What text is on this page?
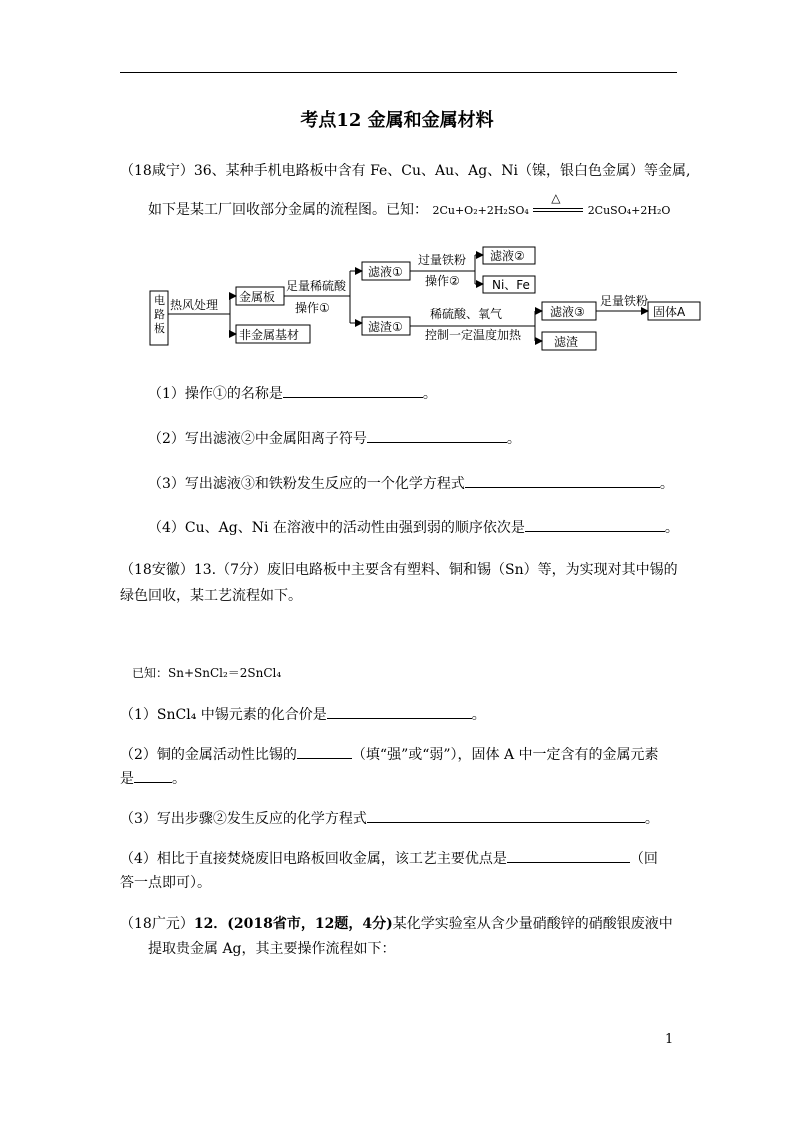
考点12 金属和金属材料
（18咸宁）36、某种手机电路板中含有 Fe、Cu、Au、Ag、Ni（镍，银白色金属）等金属,
如下是某工厂回收部分金属的流程图。已知： 2Cu+O₂+2H₂SO₄
△
2CuSO₄+2H₂O
电
路
板
热风处理
金属板
非金属基材
足量稀硫酸
操作①
滤液①
滤渣①
过量铁粉
操作②
滤液②
Ni、Fe
稀硫酸、氧气
控制一定温度加热
滤液③
滤渣
足量铁粉
固体A
（1）操作①的名称是	。
（2）写出滤液②中金属阳离子符号	。
（3）写出滤液③和铁粉发生反应的一个化学方程式	。
（4）Cu、Ag、Ni 在溶液中的活动性由强到弱的顺序依次是	。
（18安徽）13.（7分）废旧电路板中主要含有塑料、铜和锡（Sn）等，为实现对其中锡的
绿色回收，某工艺流程如下。
已知：Sn+SnCl₂＝2SnCl₄
（1）SnCl₄ 中锡元素的化合价是	。
（2）铜的金属活动性比锡的	（填“强”或“弱”），固体 A 中一定含有的金属元素
是	。
（3）写出步骤②发生反应的化学方程式	。
（4）相比于直接焚烧废旧电路板回收金属，该工艺主要优点是	（回
答一点即可）。
（18广元）12．(2018省市，12题，4分)某化学实验室从含少量硝酸锌的硝酸银废液中
提取贵金属 Ag，其主要操作流程如下：
1
